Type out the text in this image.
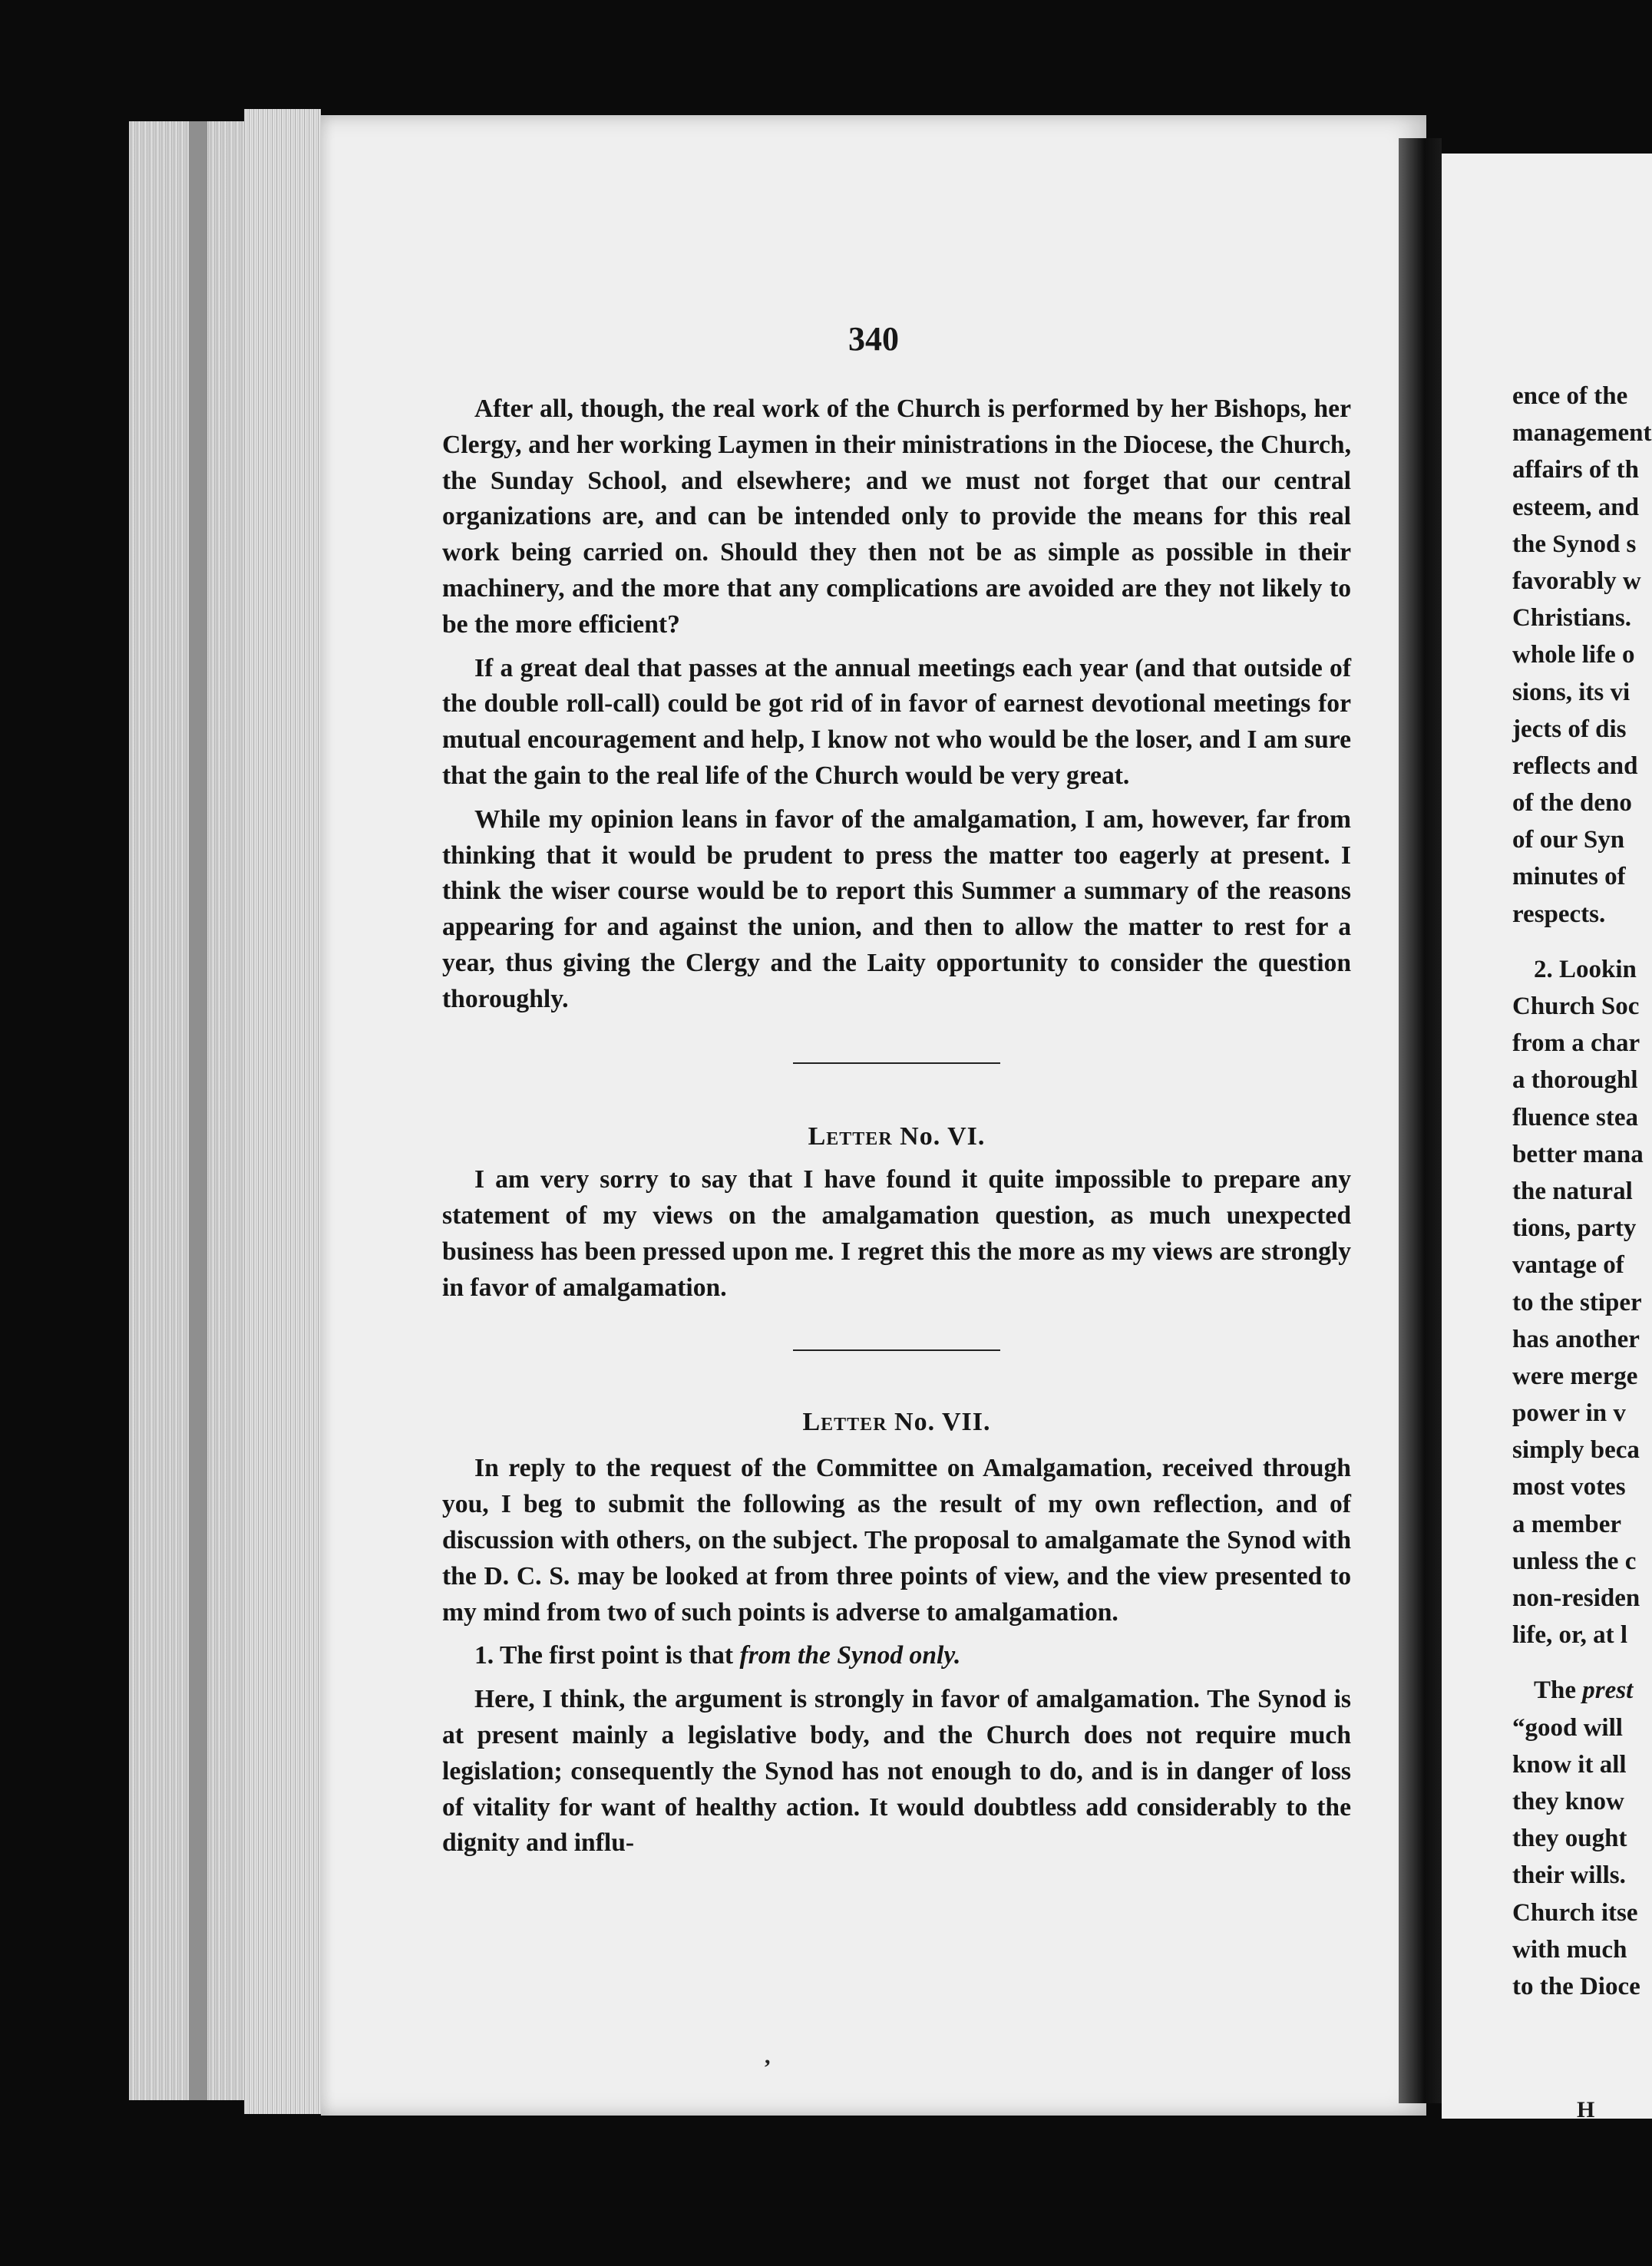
340

After all, though, the real work of the Church is performed by her Bishops, her Clergy, and her working Laymen in their ministrations in the Diocese, the Church, the Sunday School, and elsewhere; and we must not forget that our central organizations are, and can be intended only to provide the means for this real work being carried on. Should they then not be as simple as possible in their machinery, and the more that any complications are avoided are they not likely to be the more efficient?

If a great deal that passes at the annual meetings each year (and that outside of the double roll-call) could be got rid of in favor of earnest devotional meetings for mutual encouragement and help, I know not who would be the loser, and I am sure that the gain to the real life of the Church would be very great.

While my opinion leans in favor of the amalgamation, I am, however, far from thinking that it would be prudent to press the matter too eagerly at present. I think the wiser course would be to report this Summer a summary of the reasons appearing for and against the union, and then to allow the matter to rest for a year, thus giving the Clergy and the Laity opportunity to consider the question thoroughly.

Letter No. VI.

I am very sorry to say that I have found it quite impossible to prepare any statement of my views on the amalgamation question, as much unexpected business has been pressed upon me. I regret this the more as my views are strongly in favor of amalgamation.

Letter No. VII.

In reply to the request of the Committee on Amalgamation, received through you, I beg to submit the following as the result of my own reflection, and of discussion with others, on the subject. The proposal to amalgamate the Synod with the D. C. S. may be looked at from three points of view, and the view presented to my mind from two of such points is adverse to amalgamation.

1. The first point is that from the Synod only.

Here, I think, the argument is strongly in favor of amalgamation. The Synod is at present mainly a legislative body, and the Church does not require much legislation; consequently the Synod has not enough to do, and is in danger of loss of vitality for want of healthy action. It would doubtless add considerably to the dignity and influ-

,
ence of the
management
affairs of th
esteem, and
the Synod s
favorably w
Christians.
whole life o
sions, its vi
jects of dis
reflects and
of the deno
of our Syn
minutes of
respects.
2. Lookin
Church Soc
from a char
a thoroughl
fluence stea
better mana
the natural
tions, party
vantage of
to the stiper
has another
were merge
power in v
simply beca
most votes
a member
unless the c
non-residen
life, or, at l
The prest
“good will
know it all
they know
they ought
their wills.
Church itse
with much
to the Dioce
H
